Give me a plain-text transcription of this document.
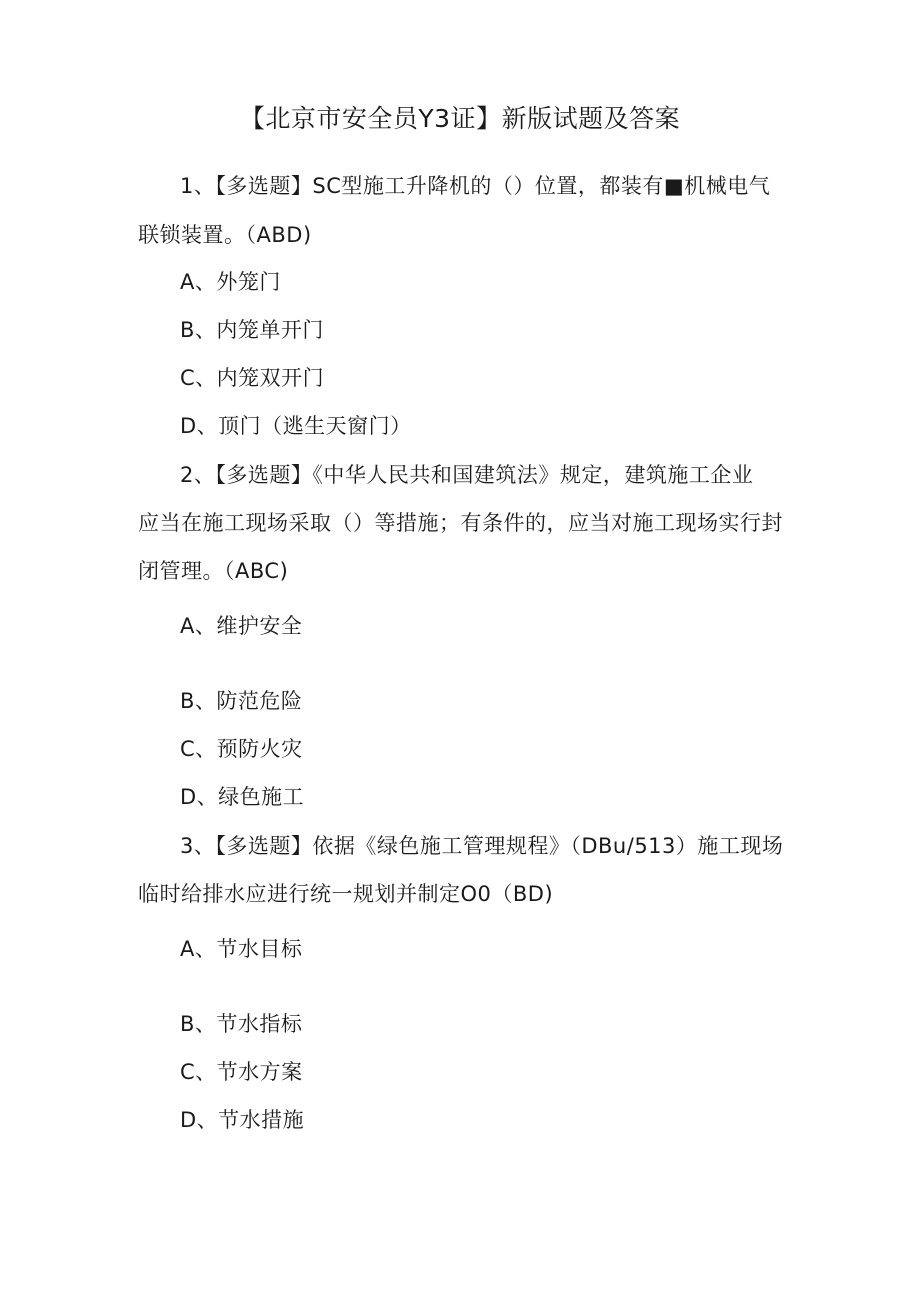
【北京市安全员Y3证】新版试题及答案
1、【多选题】SC型施工升降机的（）位置，都装有■机械电气
联锁装置。（ABD)
A、外笼门
B、内笼单开门
C、内笼双开门
D、顶门（逃生天窗门）
2、【多选题】《中华人民共和国建筑法》规定，建筑施工企业
应当在施工现场采取（）等措施；有条件的，应当对施工现场实行封
闭管理。（ABC)
A、维护安全
B、防范危险
C、预防火灾
D、绿色施工
3、【多选题】依据《绿色施工管理规程》（DBu/513）施工现场
临时给排水应进行统一规划并制定O0（BD)
A、节水目标
B、节水指标
C、节水方案
D、节水措施
